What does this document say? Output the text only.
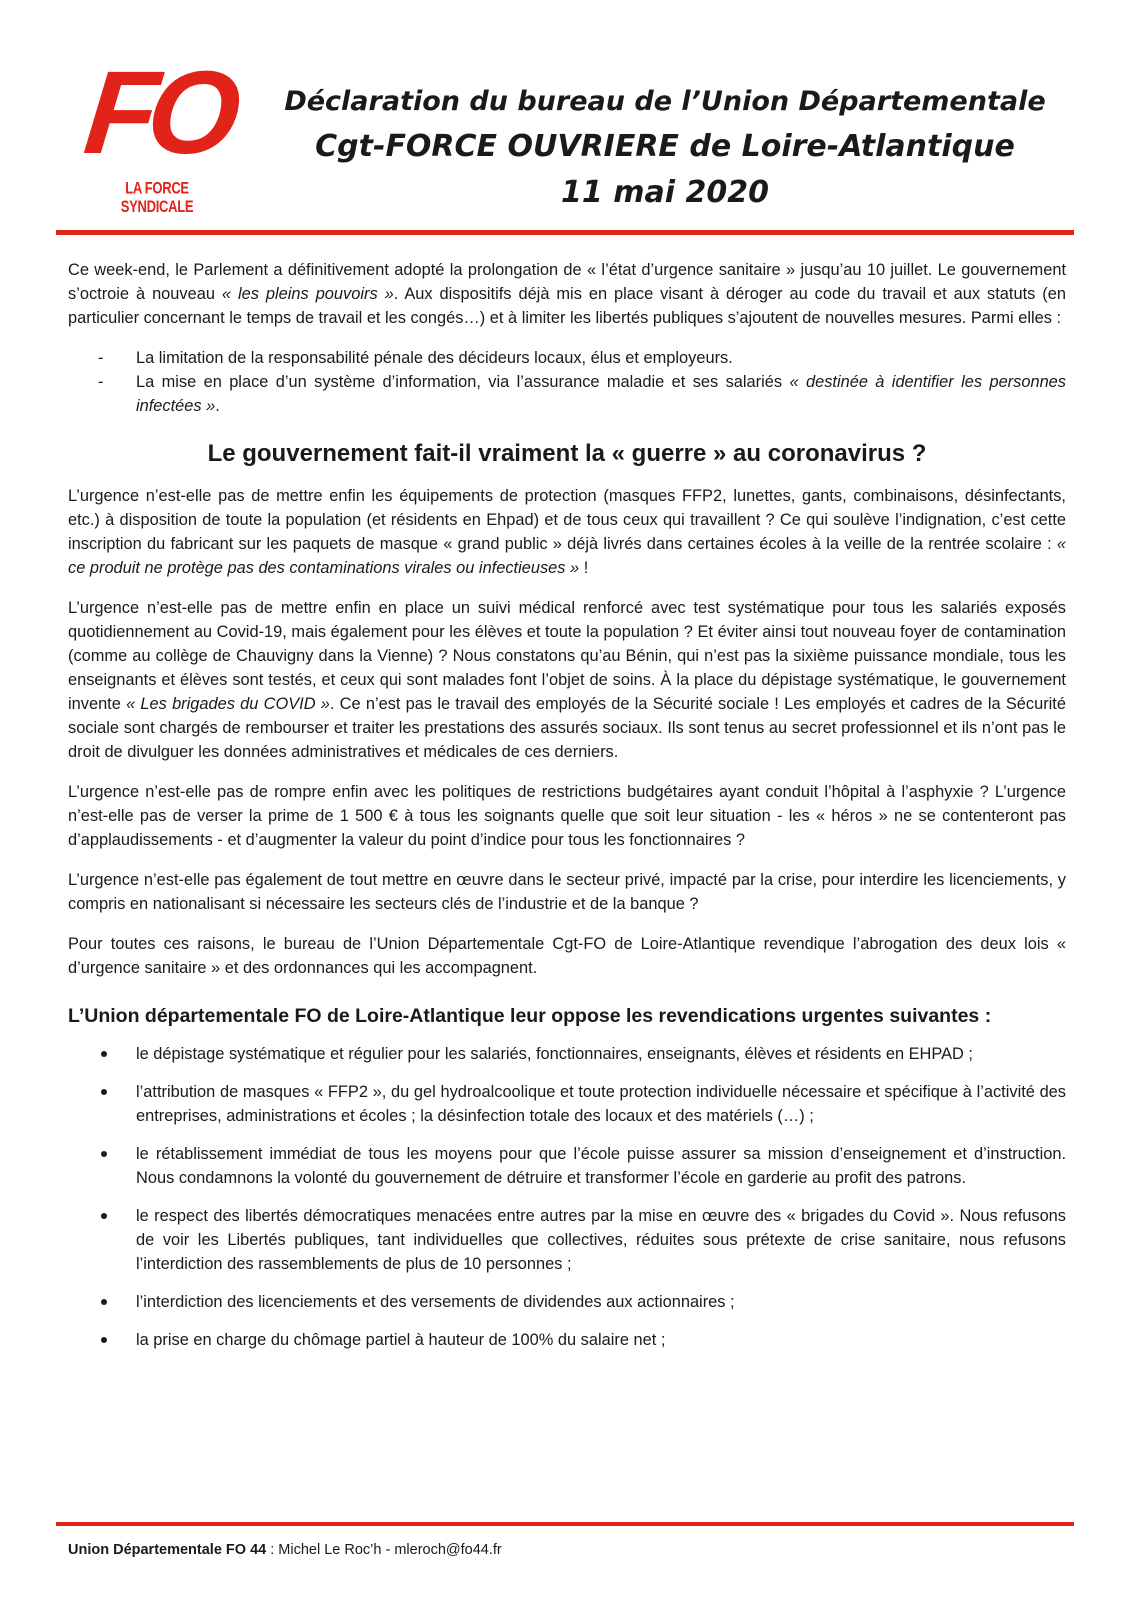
FO
LA FORCE SYNDICALE

Déclaration du bureau de l’Union Départementale

Cgt-FORCE OUVRIERE de Loire-Atlantique

11 mai 2020

Ce week-end, le Parlement a définitivement adopté la prolongation de « l’état d’urgence sanitaire » jusqu’au 10 juillet. Le gouvernement s’octroie à nouveau « les pleins pouvoirs ». Aux dispositifs déjà mis en place visant à déroger au code du travail et aux statuts (en particulier concernant le temps de travail et les congés…) et à limiter les libertés publiques s’ajoutent de nouvelles mesures. Parmi elles :

- La limitation de la responsabilité pénale des décideurs locaux, élus et employeurs.
- La mise en place d’un système d’information, via l’assurance maladie et ses salariés « destinée à identifier les personnes infectées ».
Le gouvernement fait-il vraiment la « guerre » au coronavirus ?

L’urgence n’est-elle pas de mettre enfin les équipements de protection (masques FFP2, lunettes, gants, combinaisons, désinfectants, etc.) à disposition de toute la population (et résidents en Ehpad) et de tous ceux qui travaillent ? Ce qui soulève l’indignation, c’est cette inscription du fabricant sur les paquets de masque « grand public » déjà livrés dans certaines écoles à la veille de la rentrée scolaire : « ce produit ne protège pas des contaminations virales ou infectieuses » !

L’urgence n’est-elle pas de mettre enfin en place un suivi médical renforcé avec test systématique pour tous les salariés exposés quotidiennement au Covid-19, mais également pour les élèves et toute la population ? Et éviter ainsi tout nouveau foyer de contamination (comme au collège de Chauvigny dans la Vienne) ? Nous constatons qu’au Bénin, qui n’est pas la sixième puissance mondiale, tous les enseignants et élèves sont testés, et ceux qui sont malades font l’objet de soins. À la place du dépistage systématique, le gouvernement invente « Les brigades du COVID ». Ce n’est pas le travail des employés de la Sécurité sociale ! Les employés et cadres de la Sécurité sociale sont chargés de rembourser et traiter les prestations des assurés sociaux. Ils sont tenus au secret professionnel et ils n’ont pas le droit de divulguer les données administratives et médicales de ces derniers.

L’urgence n’est-elle pas de rompre enfin avec les politiques de restrictions budgétaires ayant conduit l’hôpital à l’asphyxie ? L’urgence n’est-elle pas de verser la prime de 1 500 € à tous les soignants quelle que soit leur situation - les « héros » ne se contenteront pas d’applaudissements - et d’augmenter la valeur du point d’indice pour tous les fonctionnaires ?

L’urgence n’est-elle pas également de tout mettre en œuvre dans le secteur privé, impacté par la crise, pour interdire les licenciements, y compris en nationalisant si nécessaire les secteurs clés de l’industrie et de la banque ?

Pour toutes ces raisons, le bureau de l’Union Départementale Cgt-FO de Loire-Atlantique revendique l’abrogation des deux lois « d’urgence sanitaire » et des ordonnances qui les accompagnent.

L’Union départementale FO de Loire-Atlantique leur oppose les revendications urgentes suivantes :
le dépistage systématique et régulier pour les salariés, fonctionnaires, enseignants, élèves et résidents en EHPAD ;
l’attribution de masques « FFP2 », du gel hydroalcoolique et toute protection individuelle nécessaire et spécifique à l’activité des entreprises, administrations et écoles ; la désinfection totale des locaux et des matériels (…) ;
le rétablissement immédiat de tous les moyens pour que l’école puisse assurer sa mission d’enseignement et d’instruction. Nous condamnons la volonté du gouvernement de détruire et transformer l’école en garderie au profit des patrons.
le respect des libertés démocratiques menacées entre autres par la mise en œuvre des « brigades du Covid ». Nous refusons de voir les Libertés publiques, tant individuelles que collectives, réduites sous prétexte de crise sanitaire, nous refusons l’interdiction des rassemblements de plus de 10 personnes ;
l’interdiction des licenciements et des versements de dividendes aux actionnaires ;
la prise en charge du chômage partiel à hauteur de 100% du salaire net ;
Union Départementale FO 44 : Michel Le Roc’h - mleroch@fo44.fr
